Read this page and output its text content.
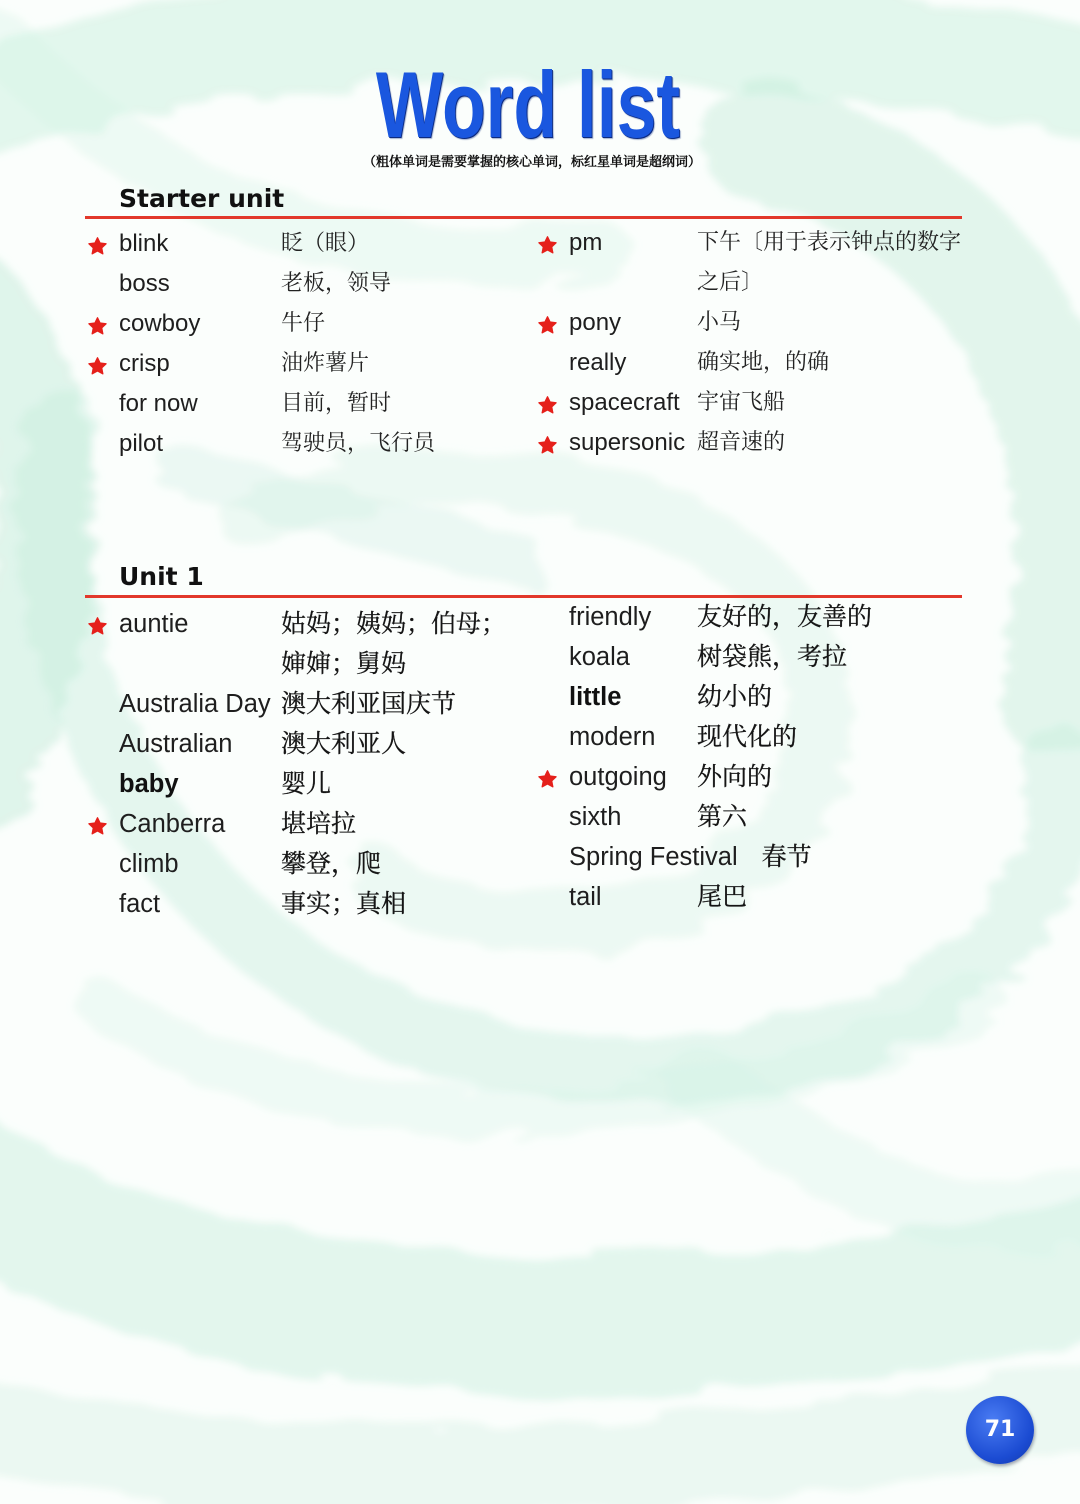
Word list
（粗体单词是需要掌握的核心单词，标红星单词是超纲词）
Starter unit
blink	眨（眼）
boss	老板，领导
cowboy	牛仔
crisp	油炸薯片
for now	目前，暂时
pilot	驾驶员，飞行员
pm	下午〔用于表示钟点的数字之后〕
pony	小马
really	确实地，的确
spacecraft 宇宙飞船
supersonic 超音速的
Unit 1
auntie	姑妈；姨妈；伯母；婶婶；舅妈
Australia Day 澳大利亚国庆节
Australian	澳大利亚人
baby	婴儿
Canberra	堪培拉
climb	攀登，爬
fact	事实；真相
friendly	友好的，友善的
koala	树袋熊，考拉
little	幼小的
modern	现代化的
outgoing 外向的
sixth	第六
Spring Festival 春节
tail	尾巴
71
